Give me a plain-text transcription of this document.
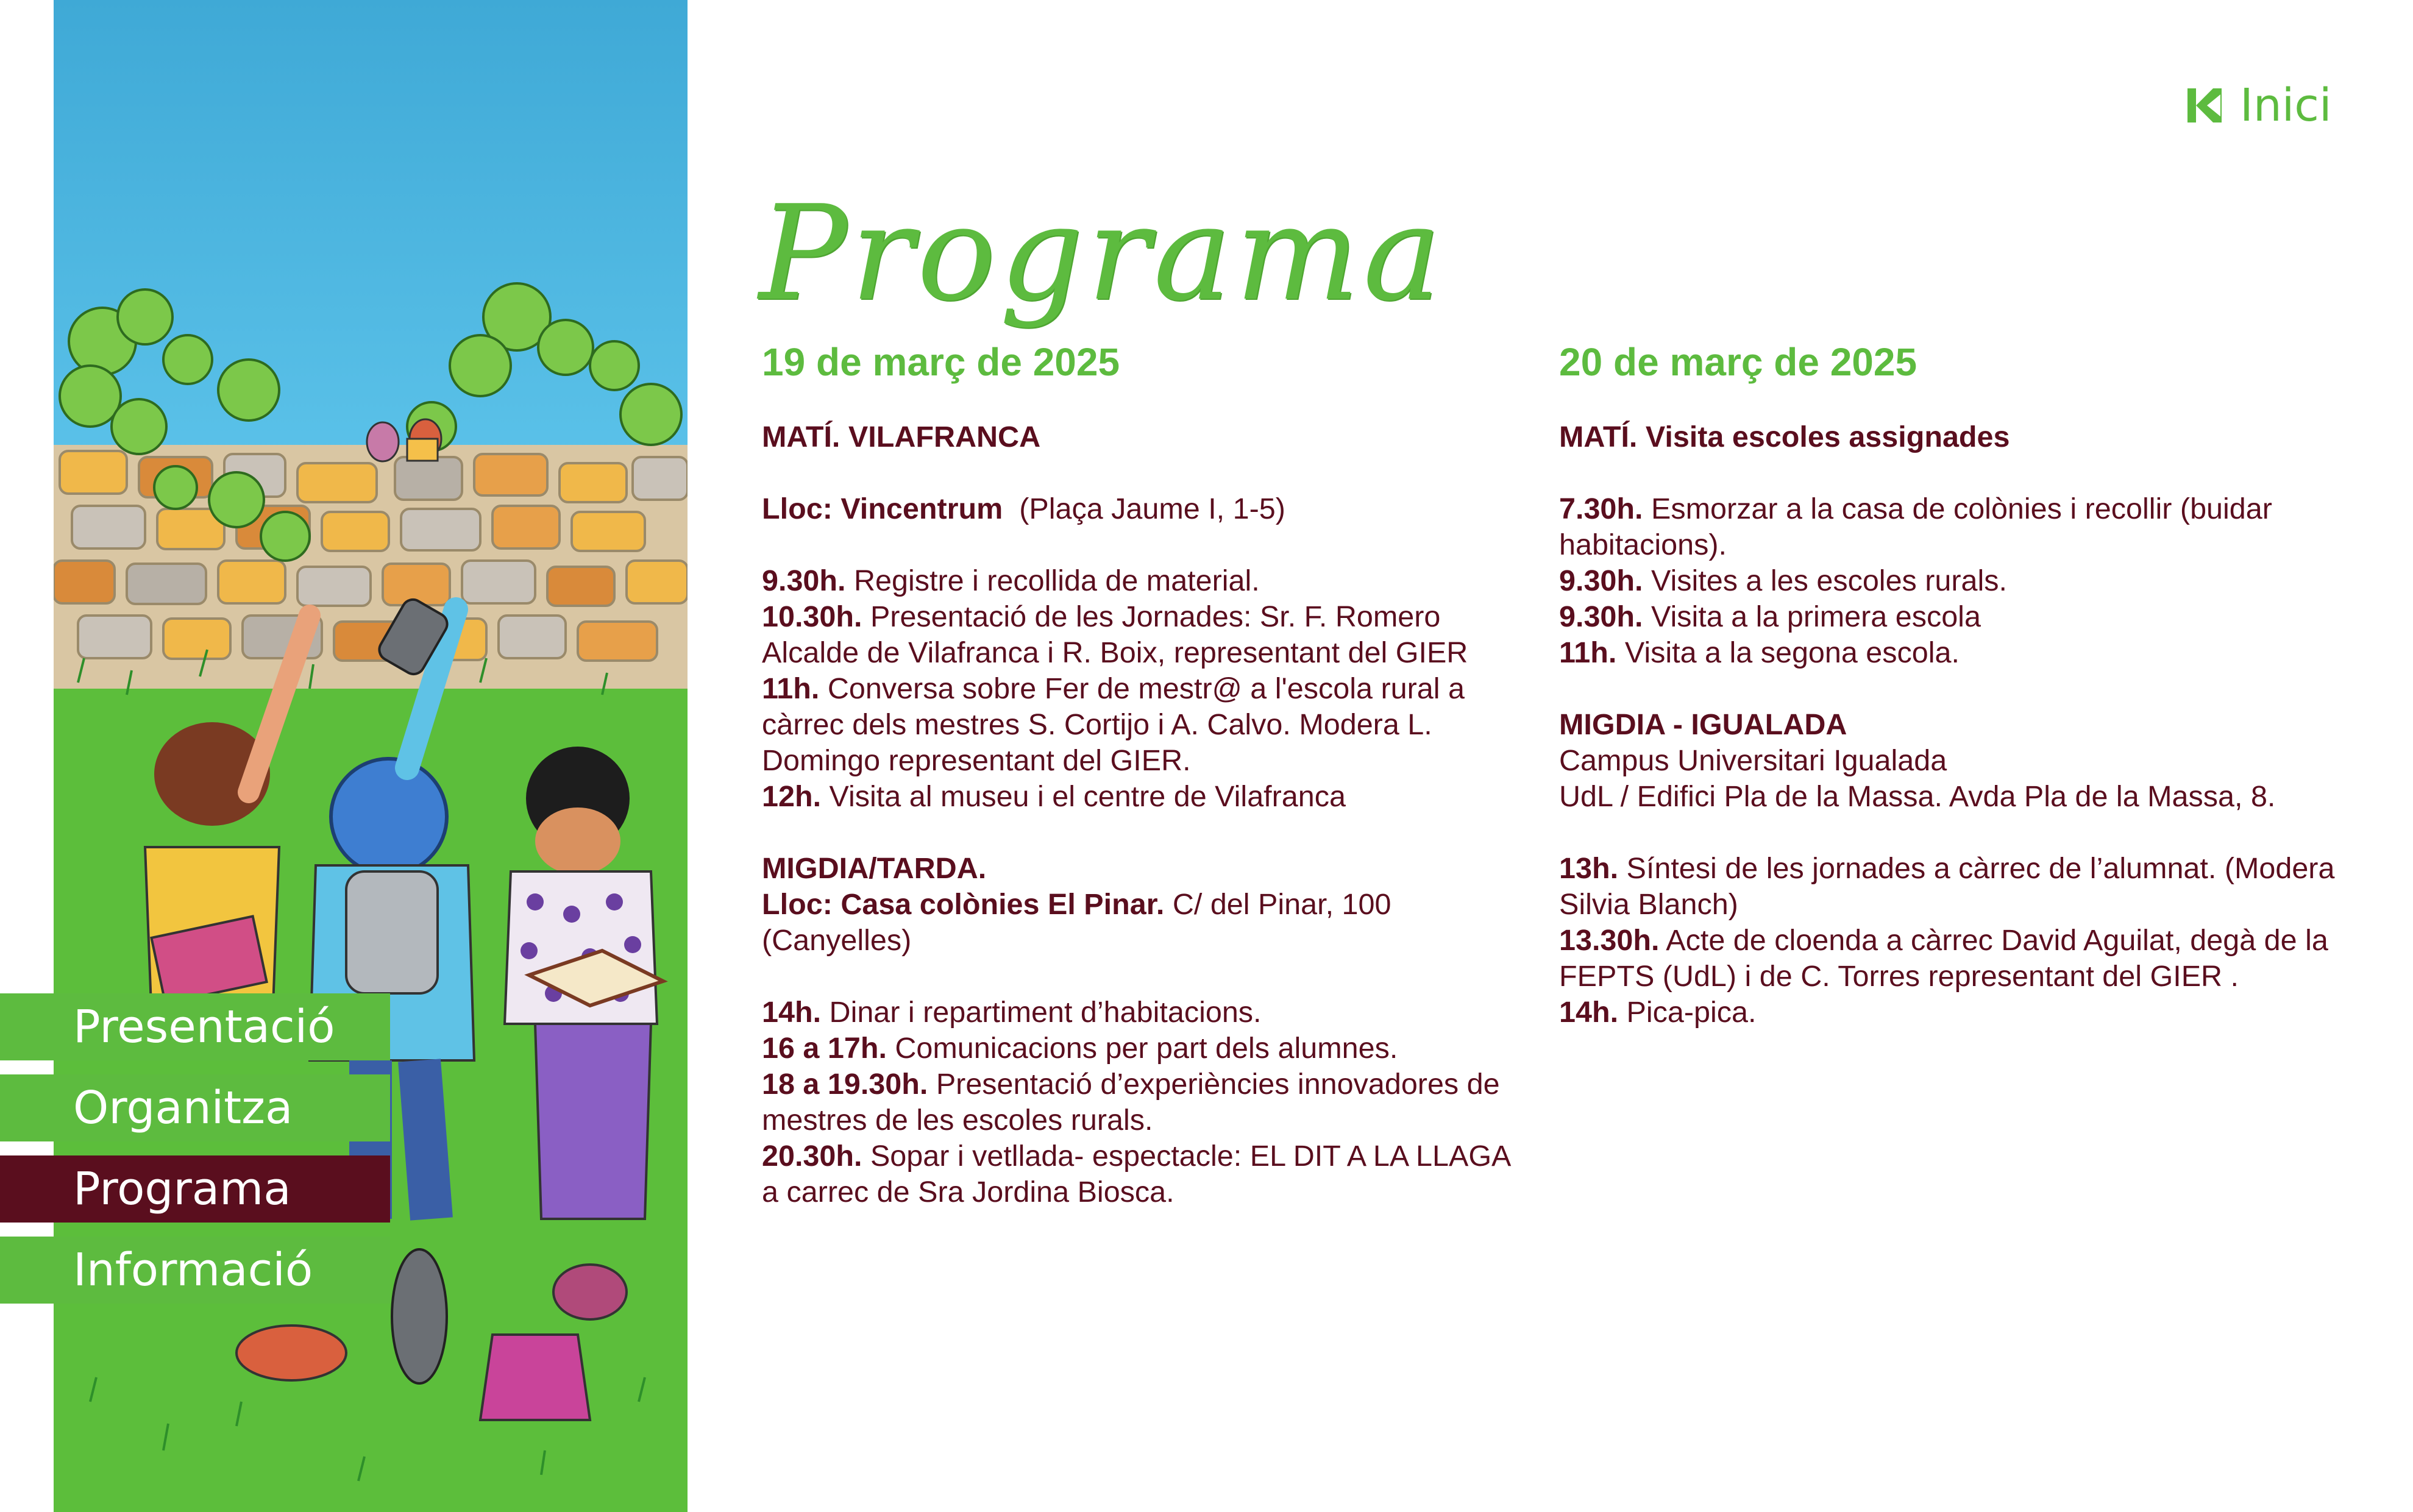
Presentació
Organitza
Programa
Informació
Inici
Programa
19 de març de 2025
MATÍ. VILAFRANCA
Lloc: Vincentrum (Plaça Jaume I, 1-5)
9.30h. Registre i recollida de material.
10.30h. Presentació de les Jornades: Sr. F. Romero Alcalde de Vilafranca i R. Boix, representant del GIER
11h. Conversa sobre Fer de mestr@ a l'escola rural a càrrec dels mestres S. Cortijo i A. Calvo. Modera L. Domingo representant del GIER.
12h. Visita al museu i el centre de Vilafranca
MIGDIA/TARDA.
Lloc: Casa colònies El Pinar. C/ del Pinar, 100 (Canyelles)
14h. Dinar i repartiment d’habitacions.
16 a 17h. Comunicacions per part dels alumnes.
18 a 19.30h. Presentació d’experiències innovadores de mestres de les escoles rurals.
20.30h. Sopar i vetllada- espectacle: EL DIT A LA LLAGA a carrec de Sra Jordina Biosca.
20 de març de 2025
MATÍ. Visita escoles assignades
7.30h. Esmorzar a la casa de colònies i recollir (buidar habitacions).
9.30h. Visites a les escoles rurals.
9.30h. Visita a la primera escola
11h. Visita a la segona escola.
MIGDIA - IGUALADA
Campus Universitari Igualada
UdL / Edifici Pla de la Massa. Avda Pla de la Massa, 8.
13h. Síntesi de les jornades a càrrec de l’alumnat. (Modera Silvia Blanch)
13.30h. Acte de cloenda a càrrec David Aguilat, degà de la FEPTS (UdL) i de C. Torres representant del GIER .
14h. Pica-pica.
